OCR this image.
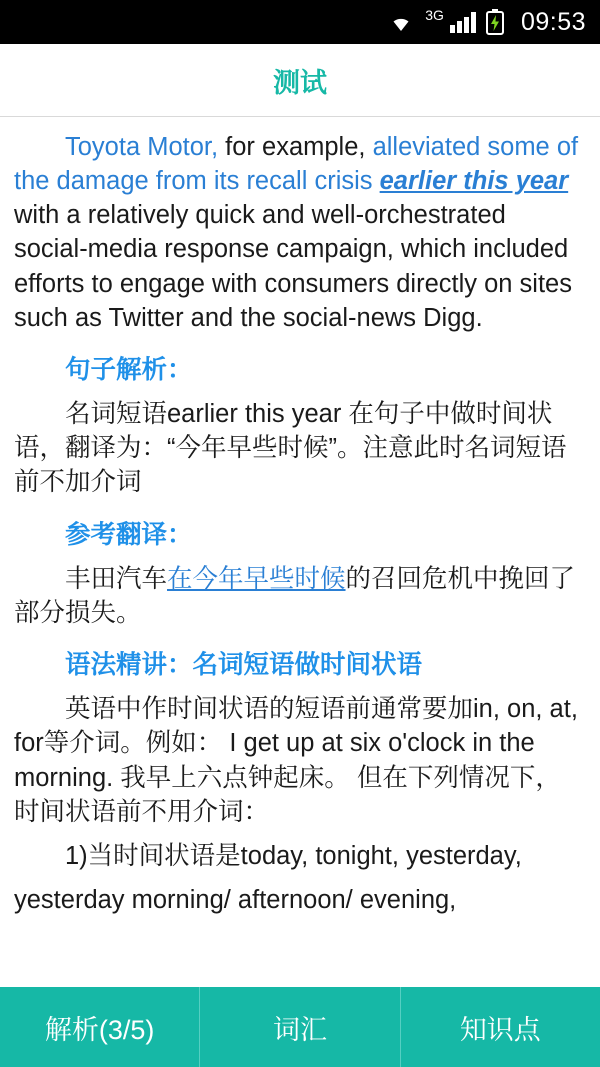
3G	09:53
测试

Toyota Motor, for example, alleviated some of the damage from its recall crisis earlier this year with a relatively quick and well-orchestrated social-media response campaign, which included efforts to engage with consumers directly on sites such as Twitter and the social-news Digg.

句子解析：

名词短语earlier this year 在句子中做时间状语，翻译为：“今年早些时候”。注意此时名词短语前不加介词

参考翻译：

丰田汽车在今年早些时候的召回危机中挽回了部分损失。

语法精讲：名词短语做时间状语

英语中作时间状语的短语前通常要加in, on, at, for等介词。例如： I get up at six o'clock in the morning. 我早上六点钟起床。 但在下列情况下，时间状语前不用介词：

1)当时间状语是today, tonight, yesterday,

yesterday morning/ afternoon/ evening,

解析(3/5)	词汇	知识点
